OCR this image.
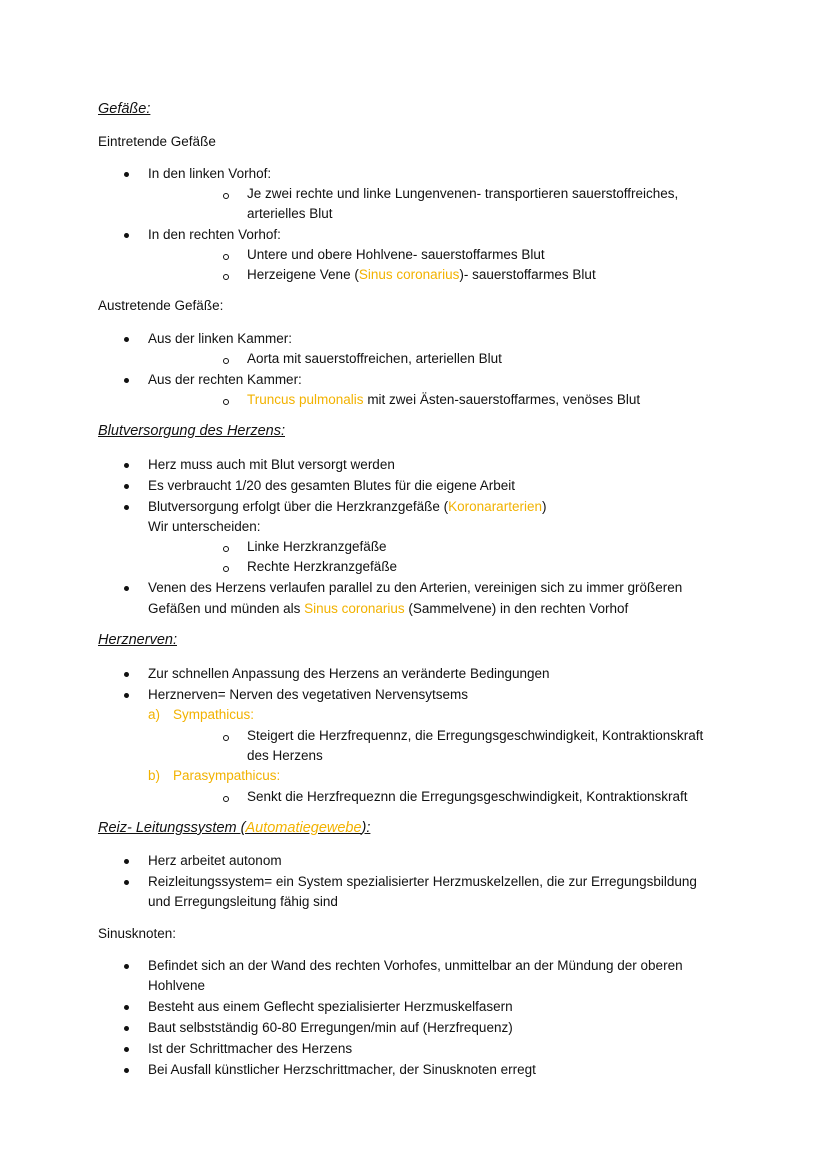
Gefäße:
Eintretende Gefäße
In den linken Vorhof:
Je zwei rechte und linke Lungenvenen- transportieren sauerstoffreiches,
arterielles Blut
In den rechten Vorhof:
Untere und obere Hohlvene- sauerstoffarmes Blut
Herzeigene Vene (Sinus coronarius)- sauerstoffarmes Blut
Austretende Gefäße:
Aus der linken Kammer:
Aorta mit sauerstoffreichen, arteriellen Blut
Aus der rechten Kammer:
Truncus pulmonalis mit zwei Ästen-sauerstoffarmes, venöses Blut
Blutversorgung des Herzens:
Herz muss auch mit Blut versorgt werden
Es verbraucht 1/20 des gesamten Blutes für die eigene Arbeit
Blutversorgung erfolgt über die Herzkranzgefäße (Koronararterien)
Wir unterscheiden:
Linke Herzkranzgefäße
Rechte Herzkranzgefäße
Venen des Herzens verlaufen parallel zu den Arterien, vereinigen sich zu immer größeren
Gefäßen und münden als Sinus coronarius (Sammelvene) in den rechten Vorhof
Herznerven:
Zur schnellen Anpassung des Herzens an veränderte Bedingungen
Herznerven= Nerven des vegetativen Nervensytsems
a) Sympathicus:
Steigert die Herzfrequennz, die Erregungsgeschwindigkeit, Kontraktionskraft
des Herzens
b) Parasympathicus:
Senkt die Herzfrequeznn die Erregungsgeschwindigkeit, Kontraktionskraft
Reiz- Leitungssystem (Automatiegewebe):
Herz arbeitet autonom
Reizleitungssystem= ein System spezialisierter Herzmuskelzellen, die zur Erregungsbildung
und Erregungsleitung fähig sind
Sinusknoten:
Befindet sich an der Wand des rechten Vorhofes, unmittelbar an der Mündung der oberen
Hohlvene
Besteht aus einem Geflecht spezialisierter Herzmuskelfasern
Baut selbstständig 60-80 Erregungen/min auf (Herzfrequenz)
Ist der Schrittmacher des Herzens
Bei Ausfall künstlicher Herzschrittmacher, der Sinusknoten erregt
